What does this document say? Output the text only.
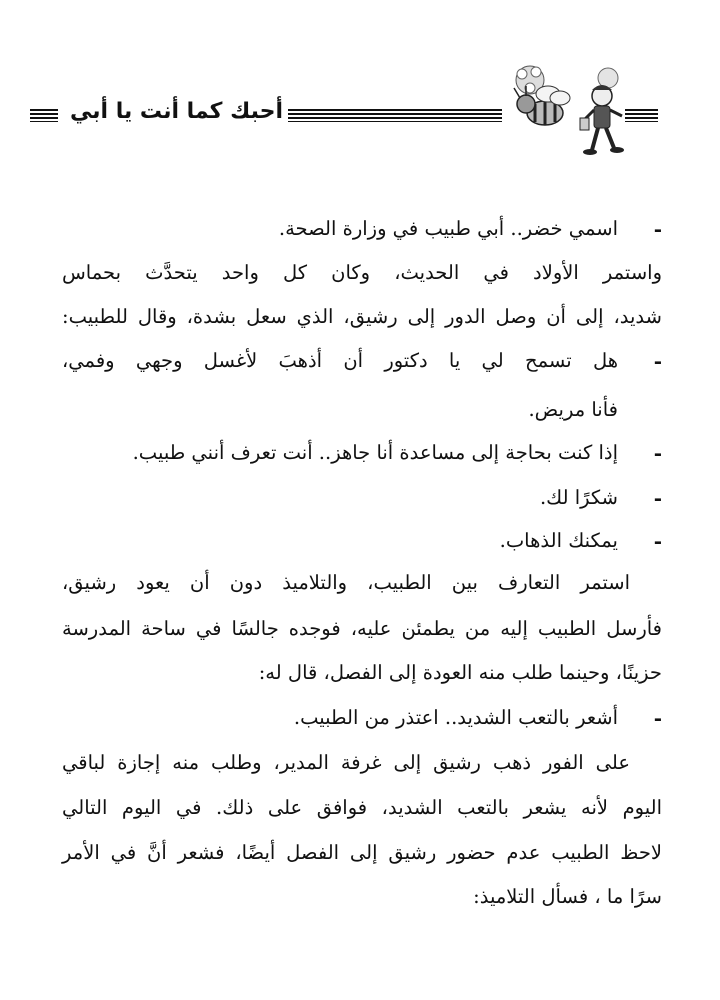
أحبك كما أنت يا أبي
-
اسمي خضر.. أبي طبيب في وزارة الصحة.
واستمر الأولاد في الحديث، وكان كل واحد يتحدَّث بحماس
شديد، إلى أن وصل الدور إلى رشيق، الذي سعل بشدة، وقال للطبيب:
-
هل تسمح لي يا دكتور أن أذهبَ لأغسل وجهي وفمي،
فأنا مريض.
-
إذا كنت بحاجة إلى مساعدة أنا جاهز.. أنت تعرف أنني طبيب.
-
شكرًا لك.
-
يمكنك الذهاب.
استمر التعارف بين الطبيب، والتلاميذ دون أن يعود رشيق،
فأرسل الطبيب إليه من يطمئن عليه، فوجده جالسًا في ساحة المدرسة
حزينًا، وحينما طلب منه العودة إلى الفصل، قال له:
-
أشعر بالتعب الشديد.. اعتذر من الطبيب.
على الفور ذهب رشيق إلى غرفة المدير، وطلب منه إجازة لباقي
اليوم لأنه يشعر بالتعب الشديد، فوافق على ذلك. في اليوم التالي
لاحظ الطبيب عدم حضور رشيق إلى الفصل أيضًا، فشعر أنَّ في الأمر
سرًا ما ، فسأل التلاميذ:
